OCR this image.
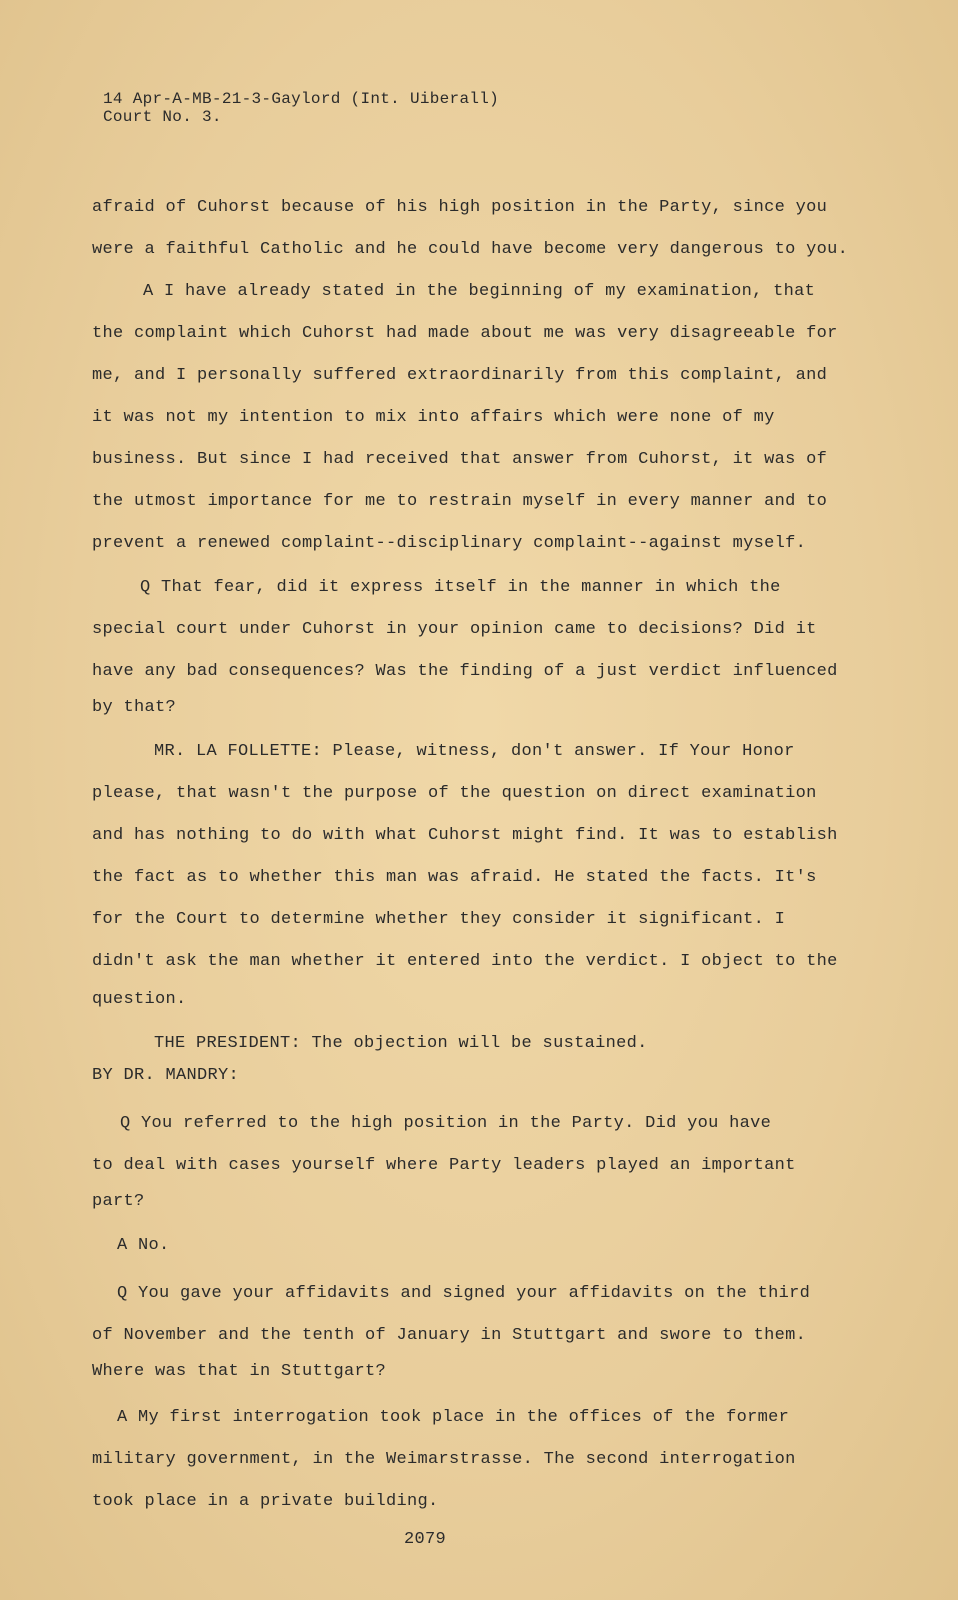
14 Apr-A-MB-21-3-Gaylord (Int. Uiberall)
Court No. 3.
afraid of Cuhorst because of his high position in the Party, since you
were a faithful Catholic and he could have become very dangerous to you.
A I have already stated in the beginning of my examination, that
the complaint which Cuhorst had made about me was very disagreeable for
me, and I personally suffered extraordinarily from this complaint, and
it was not my intention to mix into affairs which were none of my
business. But since I had received that answer from Cuhorst, it was of
the utmost importance for me to restrain myself in every manner and to
prevent a renewed complaint--disciplinary complaint--against myself.
Q That fear, did it express itself in the manner in which the
special court under Cuhorst in your opinion came to decisions? Did it
have any bad consequences? Was the finding of a just verdict influenced
by that?
MR. LA FOLLETTE: Please, witness, don't answer. If Your Honor
please, that wasn't the purpose of the question on direct examination
and has nothing to do with what Cuhorst might find. It was to establish
the fact as to whether this man was afraid. He stated the facts. It's
for the Court to determine whether they consider it significant. I
didn't ask the man whether it entered into the verdict. I object to the
question.
THE PRESIDENT: The objection will be sustained.
BY DR. MANDRY:
Q You referred to the high position in the Party. Did you have
to deal with cases yourself where Party leaders played an important
part?
A No.
Q You gave your affidavits and signed your affidavits on the third
of November and the tenth of January in Stuttgart and swore to them.
Where was that in Stuttgart?
A My first interrogation took place in the offices of the former
military government, in the Weimarstrasse. The second interrogation
took place in a private building.
2079
